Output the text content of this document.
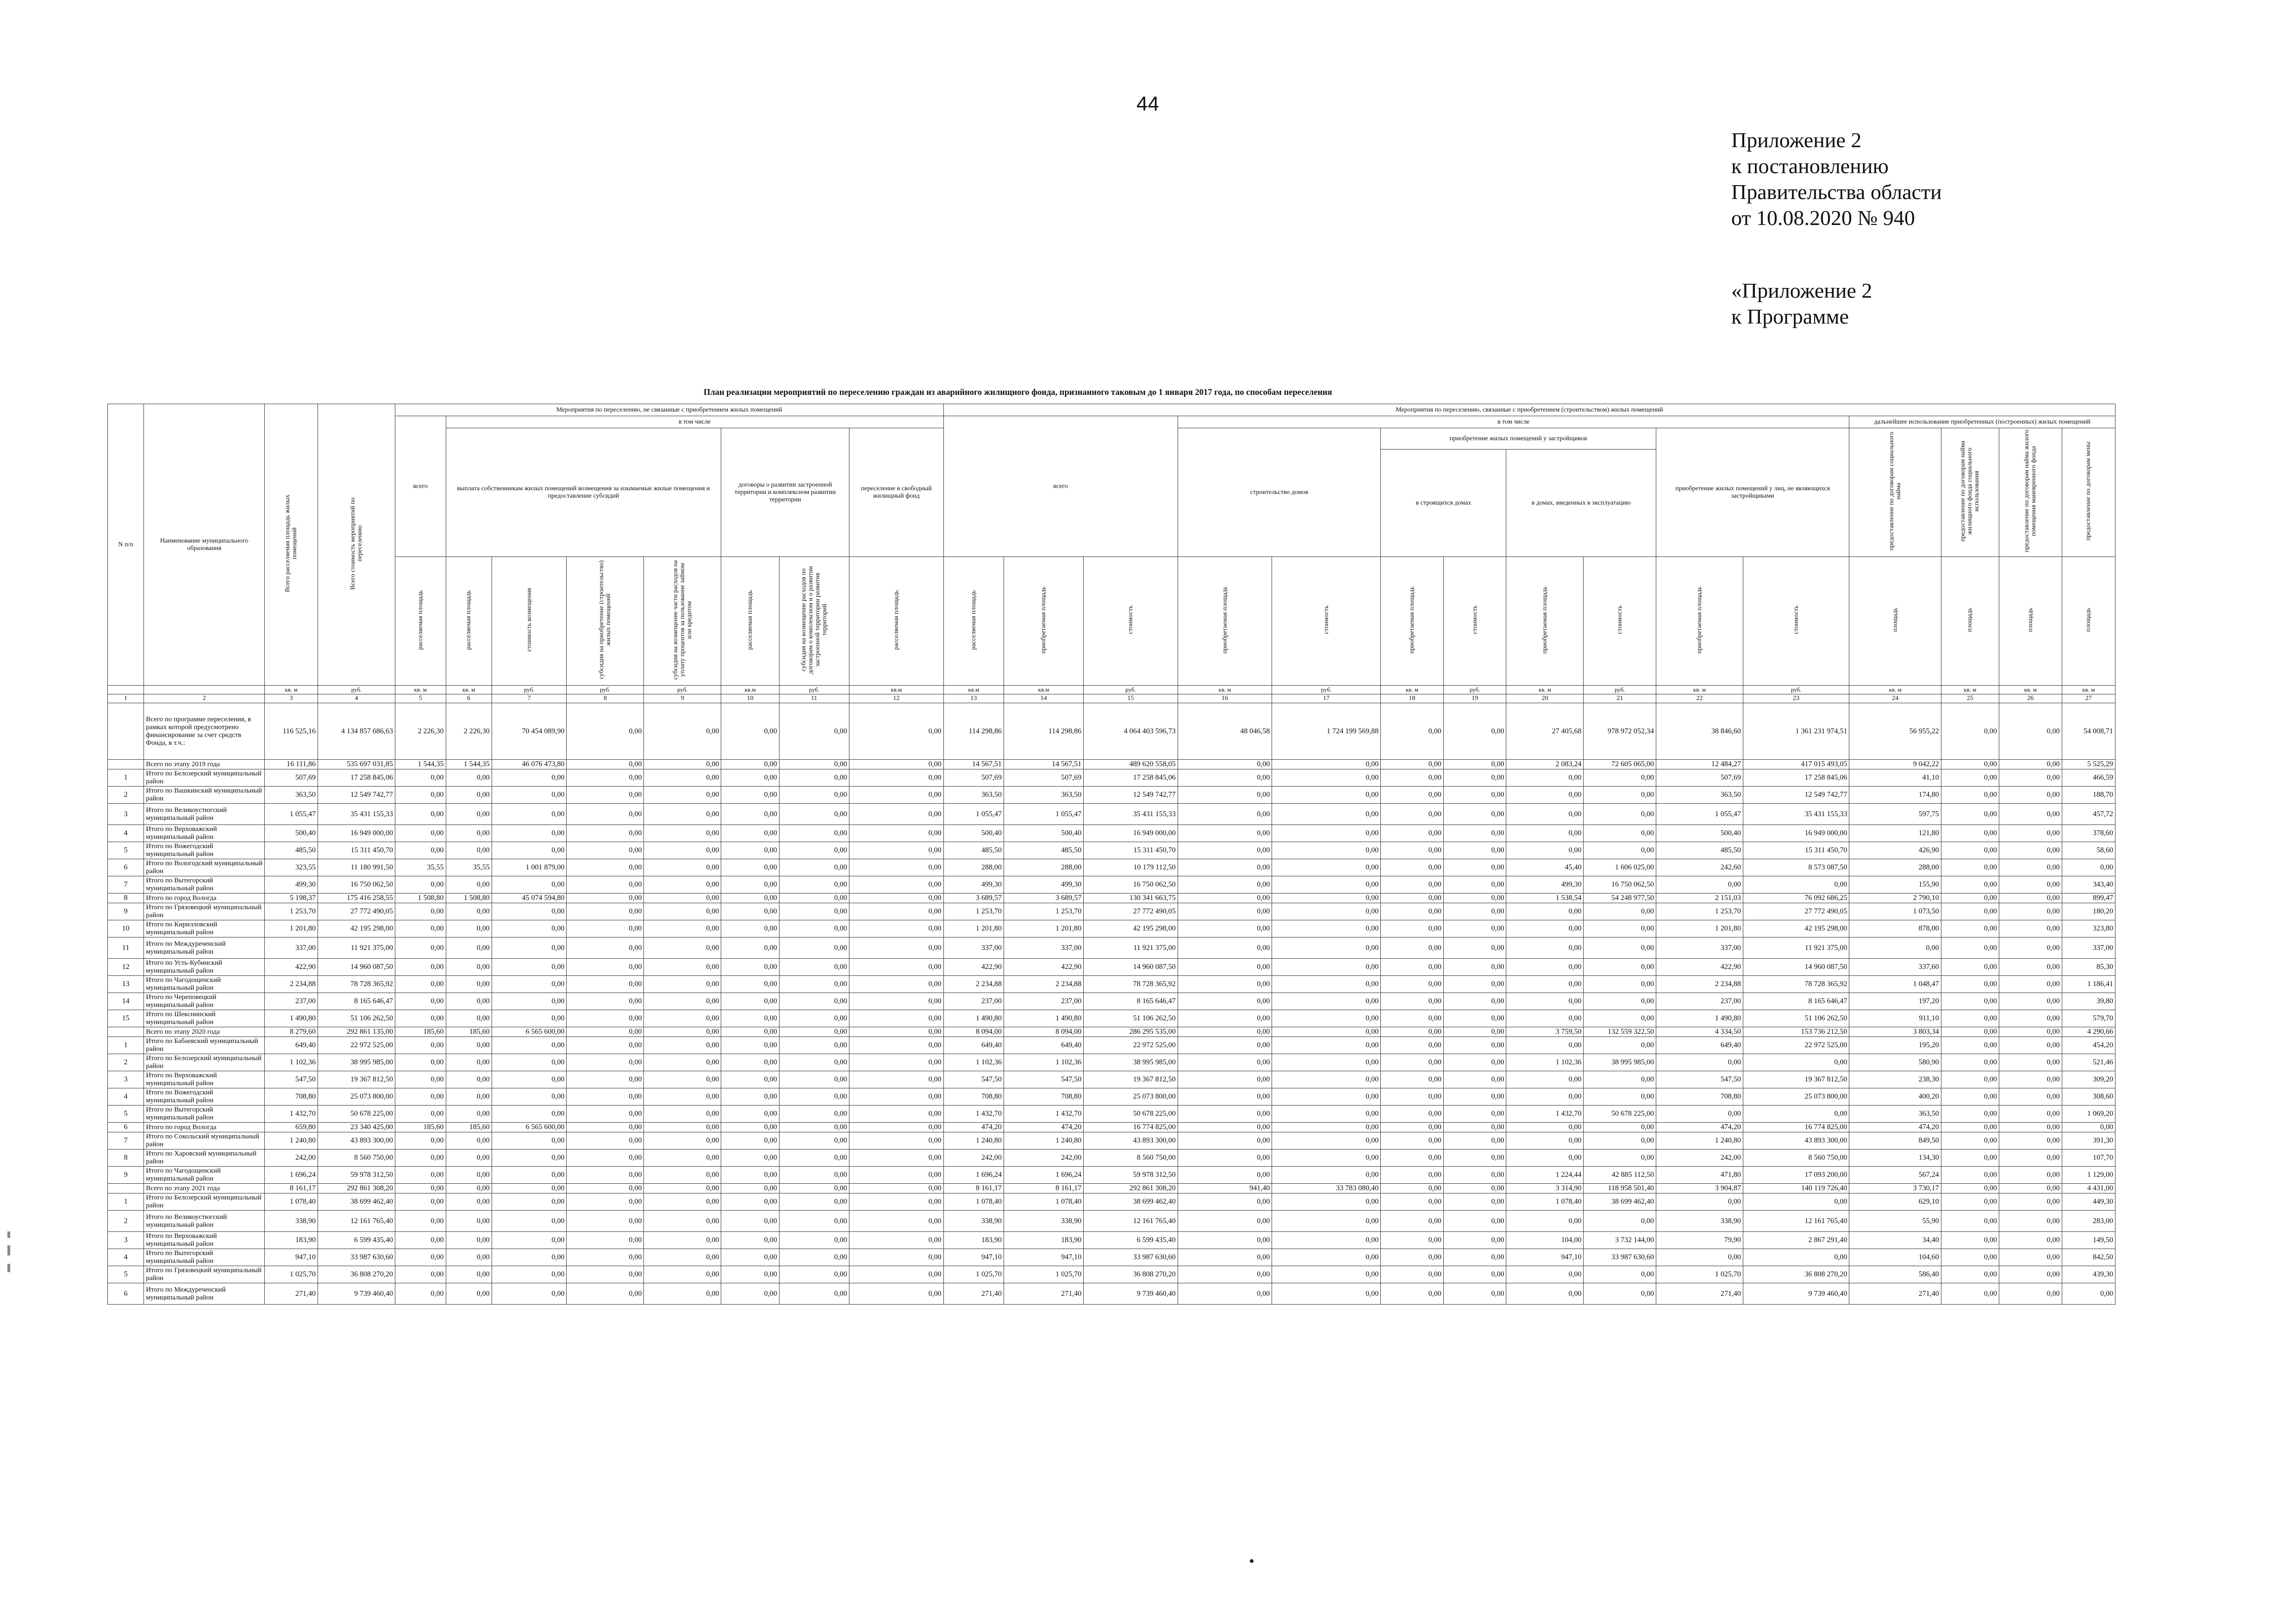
44
Приложение 2
к постановлению
Правительства области
от 10.08.2020 № 940
«Приложение 2
к Программе
План реализации мероприятий по переселению граждан из аварийного жилищного фонда, признанного таковым до 1 января 2017 года, по способам переселения
N п/п	Наименование муниципального образования	Всего расселяемая площадь жилых помещений	Всего стоимость мероприятий по переселению	Мероприятия по переселению, не связанные с приобретением жилых помещений								Мероприятия по переселению, связанные с приобретением (строительством) жилых помещений														
				всего	в том числе							всего			в том числе								дальнейшее использование приобретенных (построенных) жилых помещений			
					выплата собственникам жилых помещений возмещения за изымаемые жилые помещения и предоставление субсидий				договоры о развитии застроенной территории и комплексном развитии территории		переселение в свободный жилищный фонд				строительство домов		приобретение жилых помещений у застройщиков				приобретение жилых помещений у лиц, не являющихся застройщиками		предоставление по договорам социального найма	предоставление по договорам найма жилищного фонда социального использования	предоставление по договорам найма жилого помещения маневренного фонда	предоставление по договорам мены
																	в строящихся домах		в домах, введенных в эксплуатацию							
				расселяемая площадь	расселяемая площадь	стоимость возмещения	субсидия на приобретение (строительство) жилых помещений	субсидия на возмещение части расходов на уплату процентов за пользование займом или кредитом	расселяемая площадь	субсидия на возмещение расходов по договорам о комплексном и о развитии застроенной территории развития территорий	расселяемая площадь	расселяемая площадь	приобретаемая площадь	стоимость	приобретаемая площадь	стоимость	приобретаемая площадь	стоимость	приобретаемая площадь	стоимость	приобретаемая площадь	стоимость	площадь	площадь	площадь	площадь
		кв. м	руб.	кв. м	кв. м	руб.	руб.	руб.	кв.м	руб.	кв.м	кв.м	кв.м	руб.	кв. м	руб.	кв. м	руб.	кв. м	руб.	кв. м	руб.	кв. м	кв. м	кв. м	кв. м
1	2	3	4	5	6	7	8	9	10	11	12	13	14	15	16	17	18	19	20	21	22	23	24	25	26	27
	Всего по программе переселения, в рамках которой предусмотрено финансирование за счет средств Фонда, в т.ч.:	116 525,16	4 134 857 686,63	2 226,30	2 226,30	70 454 089,90	0,00	0,00	0,00	0,00	0,00	114 298,86	114 298,86	4 064 403 596,73	48 046,58	1 724 199 569,88	0,00	0,00	27 405,68	978 972 052,34	38 846,60	1 361 231 974,51	56 955,22	0,00	0,00	54 008,71
	Всего по этапу 2019 года	16 111,86	535 697 031,85	1 544,35	1 544,35	46 076 473,80	0,00	0,00	0,00	0,00	0,00	14 567,51	14 567,51	489 620 558,05	0,00	0,00	0,00	0,00	2 083,24	72 605 065,00	12 484,27	417 015 493,05	9 042,22	0,00	0,00	5 525,29
1	Итого по Белозерский муниципальный район	507,69	17 258 845,06	0,00	0,00	0,00	0,00	0,00	0,00	0,00	0,00	507,69	507,69	17 258 845,06	0,00	0,00	0,00	0,00	0,00	0,00	507,69	17 258 845,06	41,10	0,00	0,00	466,59
2	Итого по Вашкинский муниципальный район	363,50	12 549 742,77	0,00	0,00	0,00	0,00	0,00	0,00	0,00	0,00	363,50	363,50	12 549 742,77	0,00	0,00	0,00	0,00	0,00	0,00	363,50	12 549 742,77	174,80	0,00	0,00	188,70
3	Итого по Великоустюгский муниципальный район	1 055,47	35 431 155,33	0,00	0,00	0,00	0,00	0,00	0,00	0,00	0,00	1 055,47	1 055,47	35 431 155,33	0,00	0,00	0,00	0,00	0,00	0,00	1 055,47	35 431 155,33	597,75	0,00	0,00	457,72
4	Итого по Верховажский муниципальный район	500,40	16 949 000,00	0,00	0,00	0,00	0,00	0,00	0,00	0,00	0,00	500,40	500,40	16 949 000,00	0,00	0,00	0,00	0,00	0,00	0,00	500,40	16 949 000,00	121,80	0,00	0,00	378,60
5	Итого по Вожегодский муниципальный район	485,50	15 311 450,70	0,00	0,00	0,00	0,00	0,00	0,00	0,00	0,00	485,50	485,50	15 311 450,70	0,00	0,00	0,00	0,00	0,00	0,00	485,50	15 311 450,70	426,90	0,00	0,00	58,60
6	Итого по Вологодский муниципальный район	323,55	11 180 991,50	35,55	35,55	1 001 879,00	0,00	0,00	0,00	0,00	0,00	288,00	288,00	10 179 112,50	0,00	0,00	0,00	0,00	45,40	1 606 025,00	242,60	8 573 087,50	288,00	0,00	0,00	0,00
7	Итого по Вытегорский муниципальный район	499,30	16 750 062,50	0,00	0,00	0,00	0,00	0,00	0,00	0,00	0,00	499,30	499,30	16 750 062,50	0,00	0,00	0,00	0,00	499,30	16 750 062,50	0,00	0,00	155,90	0,00	0,00	343,40
8	Итого по город Вологда	5 198,37	175 416 258,55	1 508,80	1 508,80	45 074 594,80	0,00	0,00	0,00	0,00	0,00	3 689,57	3 689,57	130 341 663,75	0,00	0,00	0,00	0,00	1 538,54	54 248 977,50	2 151,03	76 092 686,25	2 790,10	0,00	0,00	899,47
9	Итого по Грязовецкий муниципальный район	1 253,70	27 772 490,05	0,00	0,00	0,00	0,00	0,00	0,00	0,00	0,00	1 253,70	1 253,70	27 772 490,05	0,00	0,00	0,00	0,00	0,00	0,00	1 253,70	27 772 490,05	1 073,50	0,00	0,00	180,20
10	Итого по Кирилловский муниципальный район	1 201,80	42 195 298,00	0,00	0,00	0,00	0,00	0,00	0,00	0,00	0,00	1 201,80	1 201,80	42 195 298,00	0,00	0,00	0,00	0,00	0,00	0,00	1 201,80	42 195 298,00	878,00	0,00	0,00	323,80
11	Итого по Междуреченский муниципальный район	337,00	11 921 375,00	0,00	0,00	0,00	0,00	0,00	0,00	0,00	0,00	337,00	337,00	11 921 375,00	0,00	0,00	0,00	0,00	0,00	0,00	337,00	11 921 375,00	0,00	0,00	0,00	337,00
12	Итого по Усть-Кубинский муниципальный район	422,90	14 960 087,50	0,00	0,00	0,00	0,00	0,00	0,00	0,00	0,00	422,90	422,90	14 960 087,50	0,00	0,00	0,00	0,00	0,00	0,00	422,90	14 960 087,50	337,60	0,00	0,00	85,30
13	Итого по Чагодощенский муниципальный район	2 234,88	78 728 365,92	0,00	0,00	0,00	0,00	0,00	0,00	0,00	0,00	2 234,88	2 234,88	78 728 365,92	0,00	0,00	0,00	0,00	0,00	0,00	2 234,88	78 728 365,92	1 048,47	0,00	0,00	1 186,41
14	Итого по Череповецкий муниципальный район	237,00	8 165 646,47	0,00	0,00	0,00	0,00	0,00	0,00	0,00	0,00	237,00	237,00	8 165 646,47	0,00	0,00	0,00	0,00	0,00	0,00	237,00	8 165 646,47	197,20	0,00	0,00	39,80
15	Итого по Шекснинский муниципальный район	1 490,80	51 106 262,50	0,00	0,00	0,00	0,00	0,00	0,00	0,00	0,00	1 490,80	1 490,80	51 106 262,50	0,00	0,00	0,00	0,00	0,00	0,00	1 490,80	51 106 262,50	911,10	0,00	0,00	579,70
	Всего по этапу 2020 года	8 279,60	292 861 135,00	185,60	185,60	6 565 600,00	0,00	0,00	0,00	0,00	0,00	8 094,00	8 094,00	286 295 535,00	0,00	0,00	0,00	0,00	3 759,50	132 559 322,50	4 334,50	153 736 212,50	3 803,34	0,00	0,00	4 290,66
1	Итого по Бабаевский муниципальный район	649,40	22 972 525,00	0,00	0,00	0,00	0,00	0,00	0,00	0,00	0,00	649,40	649,40	22 972 525,00	0,00	0,00	0,00	0,00	0,00	0,00	649,40	22 972 525,00	195,20	0,00	0,00	454,20
2	Итого по Белозерский муниципальный район	1 102,36	38 995 985,00	0,00	0,00	0,00	0,00	0,00	0,00	0,00	0,00	1 102,36	1 102,36	38 995 985,00	0,00	0,00	0,00	0,00	1 102,36	38 995 985,00	0,00	0,00	580,90	0,00	0,00	521,46
3	Итого по Верховажский муниципальный район	547,50	19 367 812,50	0,00	0,00	0,00	0,00	0,00	0,00	0,00	0,00	547,50	547,50	19 367 812,50	0,00	0,00	0,00	0,00	0,00	0,00	547,50	19 367 812,50	238,30	0,00	0,00	309,20
4	Итого по Вожегодский муниципальный район	708,80	25 073 800,00	0,00	0,00	0,00	0,00	0,00	0,00	0,00	0,00	708,80	708,80	25 073 800,00	0,00	0,00	0,00	0,00	0,00	0,00	708,80	25 073 800,00	400,20	0,00	0,00	308,60
5	Итого по Вытегорский муниципальный район	1 432,70	50 678 225,00	0,00	0,00	0,00	0,00	0,00	0,00	0,00	0,00	1 432,70	1 432,70	50 678 225,00	0,00	0,00	0,00	0,00	1 432,70	50 678 225,00	0,00	0,00	363,50	0,00	0,00	1 069,20
6	Итого по город Вологда	659,80	23 340 425,00	185,60	185,60	6 565 600,00	0,00	0,00	0,00	0,00	0,00	474,20	474,20	16 774 825,00	0,00	0,00	0,00	0,00	0,00	0,00	474,20	16 774 825,00	474,20	0,00	0,00	0,00
7	Итого по Сокольский муниципальный район	1 240,80	43 893 300,00	0,00	0,00	0,00	0,00	0,00	0,00	0,00	0,00	1 240,80	1 240,80	43 893 300,00	0,00	0,00	0,00	0,00	0,00	0,00	1 240,80	43 893 300,00	849,50	0,00	0,00	391,30
8	Итого по Харовский муниципальный район	242,00	8 560 750,00	0,00	0,00	0,00	0,00	0,00	0,00	0,00	0,00	242,00	242,00	8 560 750,00	0,00	0,00	0,00	0,00	0,00	0,00	242,00	8 560 750,00	134,30	0,00	0,00	107,70
9	Итого по Чагодощенский муниципальный район	1 696,24	59 978 312,50	0,00	0,00	0,00	0,00	0,00	0,00	0,00	0,00	1 696,24	1 696,24	59 978 312,50	0,00	0,00	0,00	0,00	1 224,44	42 885 112,50	471,80	17 093 200,00	567,24	0,00	0,00	1 129,00
	Всего по этапу 2021 года	8 161,17	292 861 308,20	0,00	0,00	0,00	0,00	0,00	0,00	0,00	0,00	8 161,17	8 161,17	292 861 308,20	941,40	33 783 080,40	0,00	0,00	3 314,90	118 958 501,40	3 904,87	140 119 726,40	3 730,17	0,00	0,00	4 431,00
1	Итого по Белозерский муниципальный район	1 078,40	38 699 462,40	0,00	0,00	0,00	0,00	0,00	0,00	0,00	0,00	1 078,40	1 078,40	38 699 462,40	0,00	0,00	0,00	0,00	1 078,40	38 699 462,40	0,00	0,00	629,10	0,00	0,00	449,30
2	Итого по Великоустюгский муниципальный район	338,90	12 161 765,40	0,00	0,00	0,00	0,00	0,00	0,00	0,00	0,00	338,90	338,90	12 161 765,40	0,00	0,00	0,00	0,00	0,00	0,00	338,90	12 161 765,40	55,90	0,00	0,00	283,00
3	Итого по Верховажский муниципальный район	183,90	6 599 435,40	0,00	0,00	0,00	0,00	0,00	0,00	0,00	0,00	183,90	183,90	6 599 435,40	0,00	0,00	0,00	0,00	104,00	3 732 144,00	79,90	2 867 291,40	34,40	0,00	0,00	149,50
4	Итого по Вытегорский муниципальный район	947,10	33 987 630,60	0,00	0,00	0,00	0,00	0,00	0,00	0,00	0,00	947,10	947,10	33 987 630,60	0,00	0,00	0,00	0,00	947,10	33 987 630,60	0,00	0,00	104,60	0,00	0,00	842,50
5	Итого по Грязовецкий муниципальный район	1 025,70	36 808 270,20	0,00	0,00	0,00	0,00	0,00	0,00	0,00	0,00	1 025,70	1 025,70	36 808 270,20	0,00	0,00	0,00	0,00	0,00	0,00	1 025,70	36 808 270,20	586,40	0,00	0,00	439,30
6	Итого по Междуреченский муниципальный район	271,40	9 739 460,40	0,00	0,00	0,00	0,00	0,00	0,00	0,00	0,00	271,40	271,40	9 739 460,40	0,00	0,00	0,00	0,00	0,00	0,00	271,40	9 739 460,40	271,40	0,00	0,00	0,00
